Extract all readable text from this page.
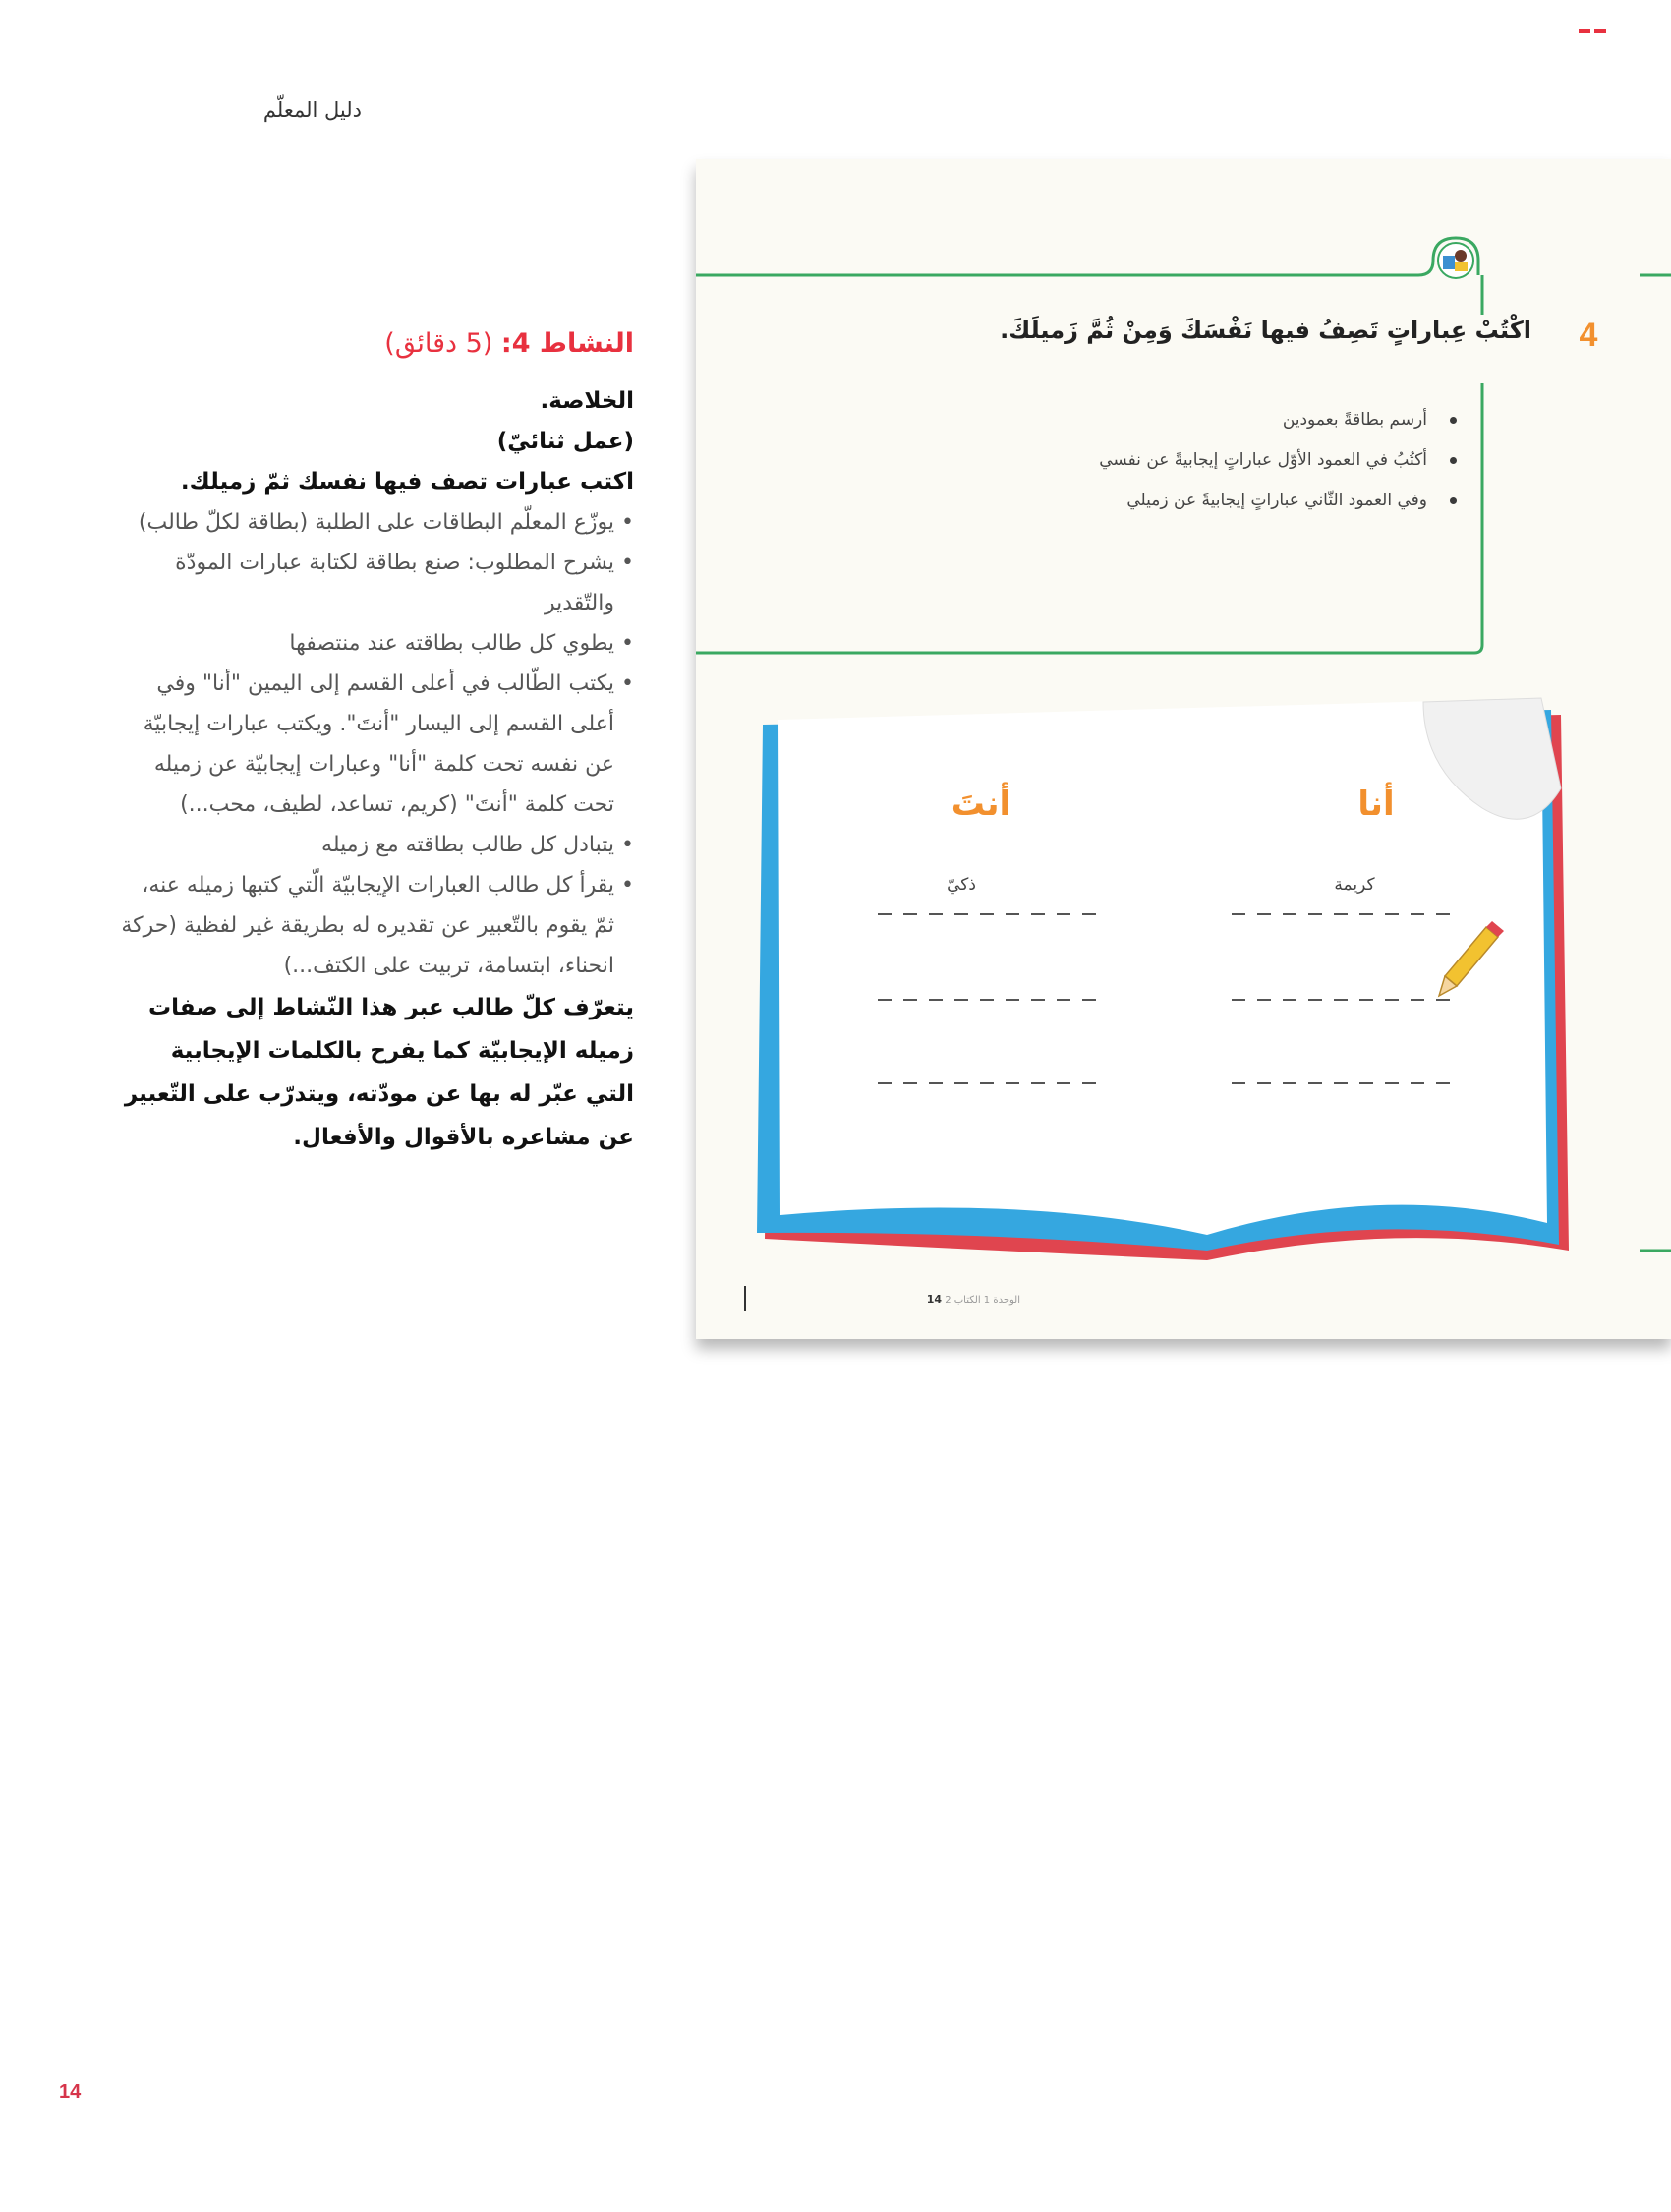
دليل المعلّم
النشاط 4: (5 دقائق)
الخلاصة.
(عمل ثنائيّ)
اكتب عبارات تصف فيها نفسك ثمّ زميلك.
• يوزّع المعلّم البطاقات على الطلبة (بطاقة لكلّ طالب)
• يشرح المطلوب: صنع بطاقة لكتابة عبارات المودّة والتّقدير
• يطوي كل طالب بطاقته عند منتصفها
• يكتب الطّالب في أعلى القسم إلى اليمين "أنا" وفي أعلى القسم إلى اليسار "أنتَ". ويكتب عبارات إيجابيّة عن نفسه تحت كلمة "أنا" وعبارات إيجابيّة عن زميله تحت كلمة "أنتَ" (كريم، تساعد، لطيف، محب...)
• يتبادل كل طالب بطاقته مع زميله
• يقرأ كل طالب العبارات الإيجابيّة الّتي كتبها زميله عنه، ثمّ يقوم بالتّعبير عن تقديره له بطريقة غير لفظية (حركة انحناء، ابتسامة، تربيت على الكتف...)
يتعرّف كلّ طالب عبر هذا النّشاط إلى صفات زميله الإيجابيّة كما يفرح بالكلمات الإيجابية التي عبّر له بها عن مودّته، ويتدرّب على التّعبير عن مشاعره بالأقوال والأفعال.
4
اكْتُبْ عِباراتٍ تَصِفُ فيها نَفْسَكَ وَمِنْ ثُمَّ زَميلَكَ.
أرسم بطاقةً بعمودين
أكتُبُ في العمود الأوّل عباراتٍ إيجابيةً عن نفسي
وفي العمود الثّاني عباراتٍ إيجابيةً عن زميلي
أنا
أنتَ
كريمة
ذكيّ
الوحدة 1 الكتاب 2 14
14
